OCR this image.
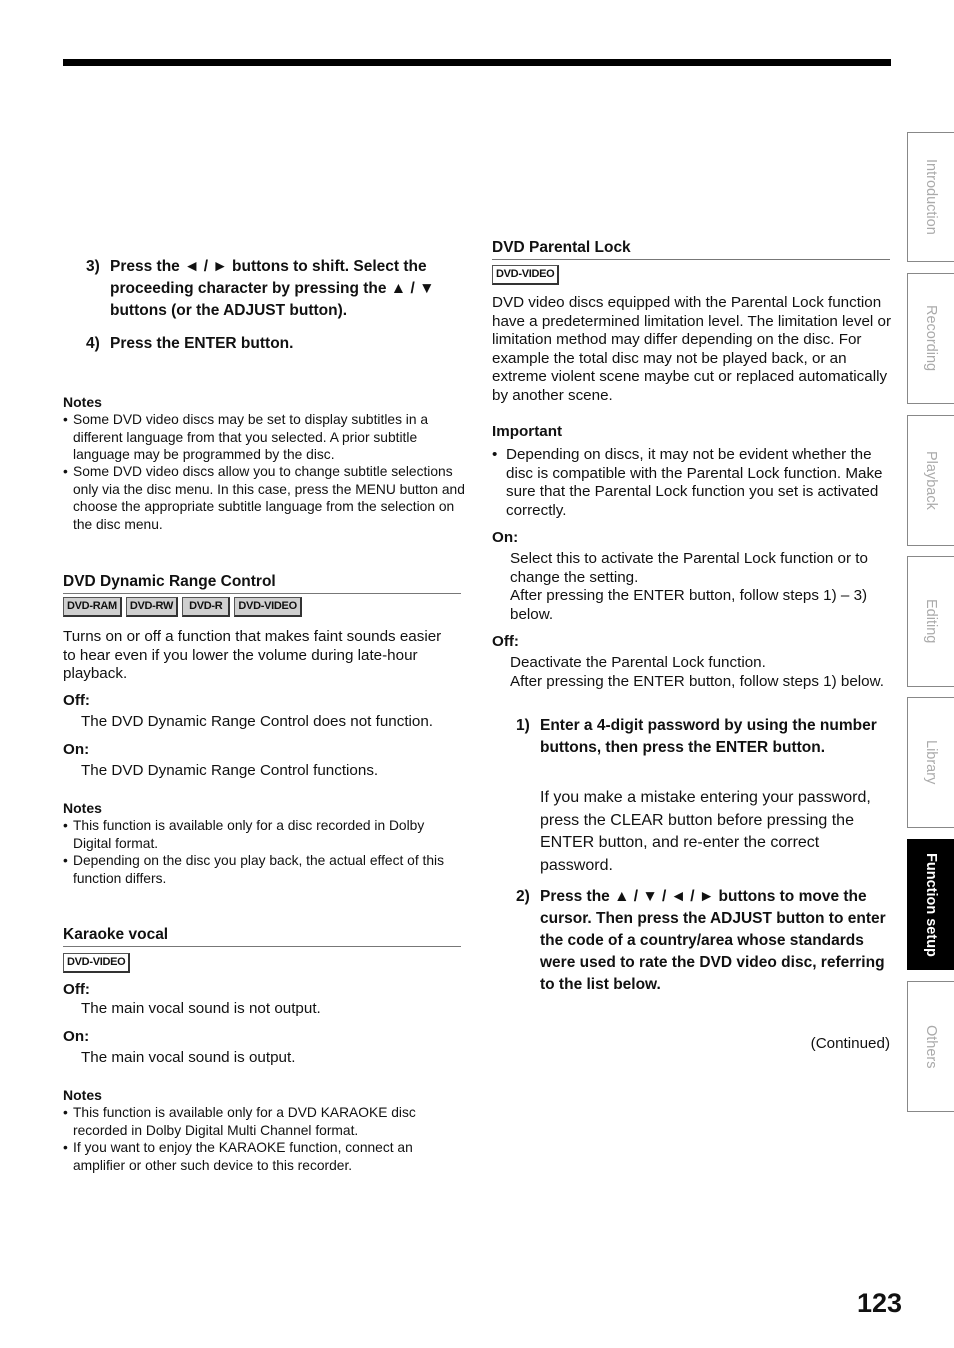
3) Press the ◄ / ► buttons to shift. Select the proceeding character by pressing the ▲ / ▼ buttons (or the ADJUST button).
4) Press the ENTER button.
Notes
• Some DVD video discs may be set to display subtitles in a different language from that you selected. A prior subtitle language may be programmed by the disc.
• Some DVD video discs allow you to change subtitle selections only via the disc menu. In this case, press the MENU button and choose the appropriate subtitle language from the selection on the disc menu.
DVD Dynamic Range Control
DVD-RAM	DVD-RW	DVD-R	DVD-VIDEO
Turns on or off a function that makes faint sounds easier to hear even if you lower the volume during late-hour playback.
Off:
The DVD Dynamic Range Control does not function.
On:
The DVD Dynamic Range Control functions.
Notes
• This function is available only for a disc recorded in Dolby Digital format.
• Depending on the disc you play back, the actual effect of this function differs.
Karaoke vocal
DVD-VIDEO
Off:
The main vocal sound is not output.
On:
The main vocal sound is output.
Notes
• This function is available only for a DVD KARAOKE disc recorded in Dolby Digital Multi Channel format.
• If you want to enjoy the KARAOKE function, connect an amplifier or other such device to this recorder.
DVD Parental Lock
DVD-VIDEO
DVD video discs equipped with the Parental Lock function have a predetermined limitation level. The limitation level or limitation method may differ depending on the disc. For example the total disc may not be played back, or an extreme violent scene maybe cut or replaced automatically by another scene.
Important
• Depending on discs, it may not be evident whether the disc is compatible with the Parental Lock function. Make sure that the Parental Lock function you set is activated correctly.
On:
Select this to activate the Parental Lock function or to change the setting.
After pressing the ENTER button, follow steps 1) – 3) below.
Off:
Deactivate the Parental Lock function.
After pressing the ENTER button, follow steps 1) below.
1) Enter a 4-digit password by using the number buttons, then press the ENTER button.
If you make a mistake entering your password, press the CLEAR button before pressing the ENTER button, and re-enter the correct password.
2) Press the ▲ / ▼ / ◄ / ► buttons to move the cursor. Then press the ADJUST button to enter the code of a country/area whose standards were used to rate the DVD video disc, referring to the list below.
(Continued)
Introduction
Recording
Playback
Editing
Library
Function setup
Others
123
